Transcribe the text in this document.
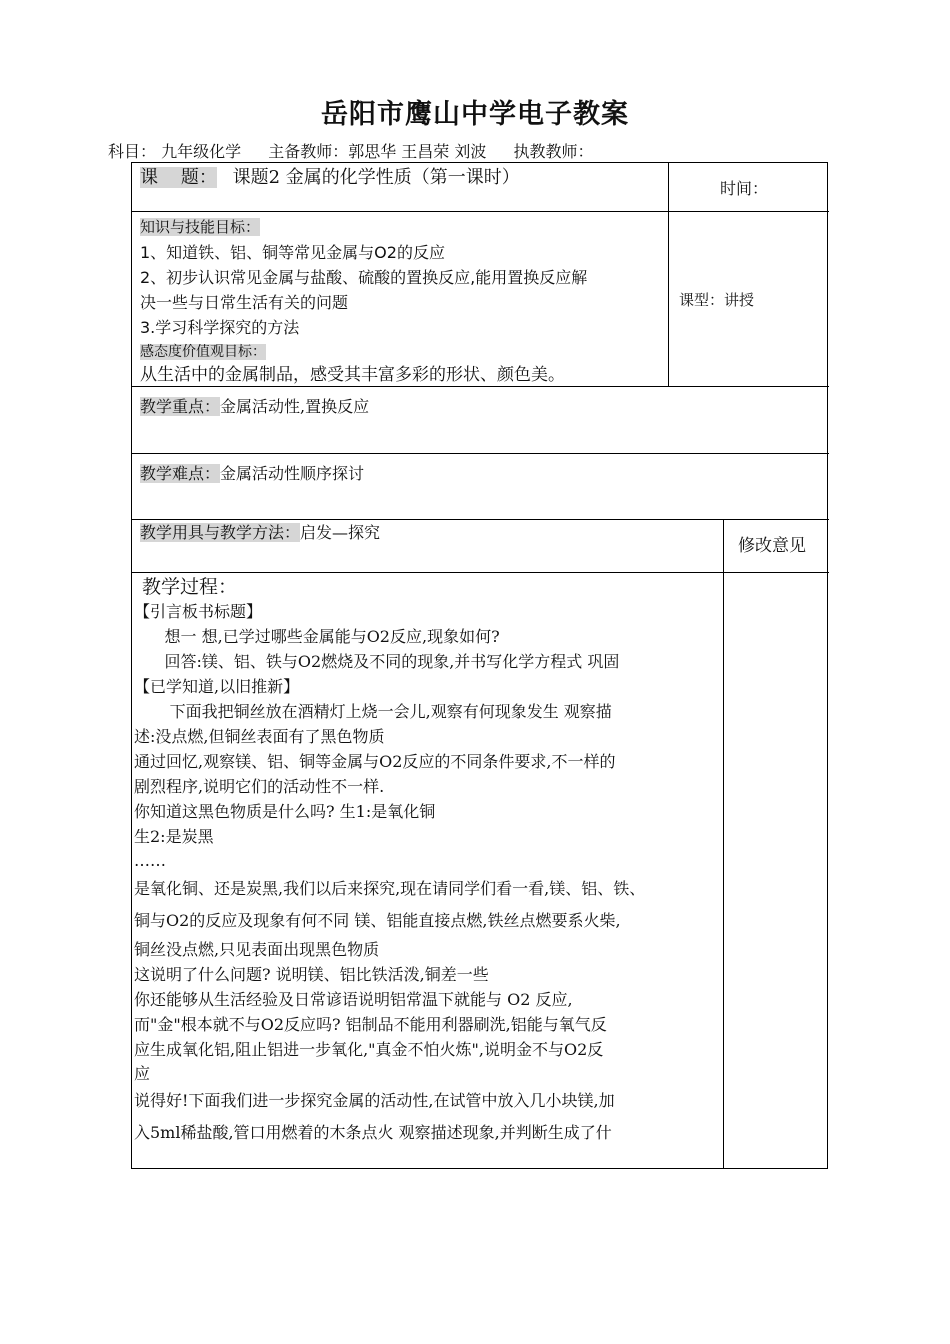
岳阳市鹰山中学电子教案
科目： 九年级化学 主备教师：郭思华 王昌荣 刘波 执教教师：
课    题： 课题2 金属的化学性质（第一课时）
时间：
知识与技能目标：
1、知道铁、铝、铜等常见金属与O2的反应
2、初步认识常见金属与盐酸、硫酸的置换反应,能用置换反应解
决一些与日常生活有关的问题
3.学习科学探究的方法
感态度价值观目标：
从生活中的金属制品，感受其丰富多彩的形状、颜色美。
课型：讲授
教学重点：金属活动性,置换反应
教学难点：金属活动性顺序探讨
教学用具与教学方法：启发—探究
修改意见
教学过程：
【引言板书标题】
想一 想,已学过哪些金属能与O2反应,现象如何?
回答:镁、铝、铁与O2燃烧及不同的现象,并书写化学方程式 巩固
【已学知道,以旧推新】
下面我把铜丝放在酒精灯上烧一会儿,观察有何现象发生 观察描
述:没点燃,但铜丝表面有了黑色物质
通过回忆,观察镁、铝、铜等金属与O2反应的不同条件要求,不一样的
剧烈程序,说明它们的活动性不一样.
你知道这黑色物质是什么吗? 生1:是氧化铜
生2:是炭黑
……
是氧化铜、还是炭黑,我们以后来探究,现在请同学们看一看,镁、铝、铁、
铜与O2的反应及现象有何不同 镁、铝能直接点燃,铁丝点燃要系火柴,
铜丝没点燃,只见表面出现黑色物质
这说明了什么问题? 说明镁、铝比铁活泼,铜差一些
你还能够从生活经验及日常谚语说明铝常温下就能与 O2 反应,
而"金"根本就不与O2反应吗? 铝制品不能用利器刷洗,铝能与氧气反
应生成氧化铝,阻止铝进一步氧化,"真金不怕火炼",说明金不与O2反
应
说得好!下面我们进一步探究金属的活动性,在试管中放入几小块镁,加
入5ml稀盐酸,管口用燃着的木条点火 观察描述现象,并判断生成了什
